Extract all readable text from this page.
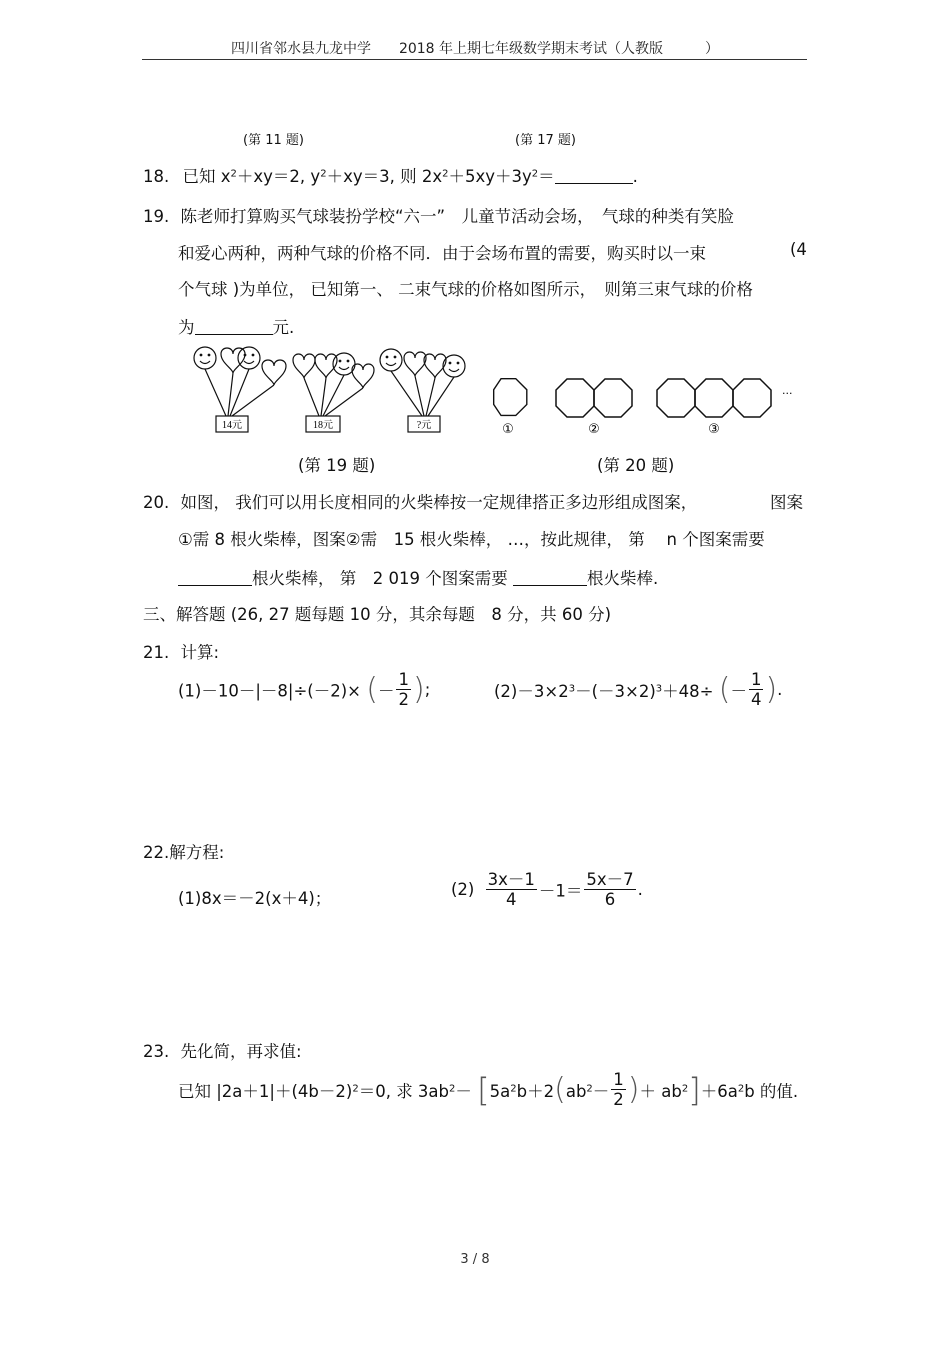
四川省邻水县九龙中学　　2018 年上期七年级数学期末考试（人教版　　　）
(第 11 题)	(第 17 题)
18. 已知 $x^2+xy=2$, $y^2+xy=3$, 则 $2x^2+5xy+3y^2=$	.
19. 陈老师打算购买气球装扮学校“六一”　儿童节活动会场，　气球的种类有笑脸
和爱心两种，两种气球的价格不同．由于会场布置的需要，购买时以一束	(4
个气球 )为单位， 已知第一、 二束气球的价格如图所示，　则第三束气球的价格
为	元.
14元	18元	?元	①	②	③
···
(第 19 题)	(第 20 题)
20. 如图， 我们可以用长度相同的火柴棒按一定规律搭正多边形组成图案，	图案
①需 8 根火柴棒，图案②需　15 根火柴棒， …，按此规律， 第　 n 个图案需要
根火柴棒， 第　2 019 个图案需要	根火柴棒.
三、解答题 (26, 27 题每题 10 分，其余每题　8 分，共 60 分)
21. 计算:
(1)－10－|－8|÷(－2)× (－ $\frac{1}{2}$ );	$(2)-3\times 2^3-(-3\times 2)^3+48\div$ (－ $\frac{1}{4}$ ).
22.解方程:
(1)8x＝－2(x＋4)；	$(2) \frac{3x-1}{4} -1= \frac{5x-7}{6}$ .
23. 先化简，再求值:
已知 $|2a+1|+(4b-2)^2=0$, 求 $3ab^2- [5a^2b+2(ab^2- \frac{1}{2}$ )＋ $ab^2]+6a^2b$ 的值.
3 / 8
